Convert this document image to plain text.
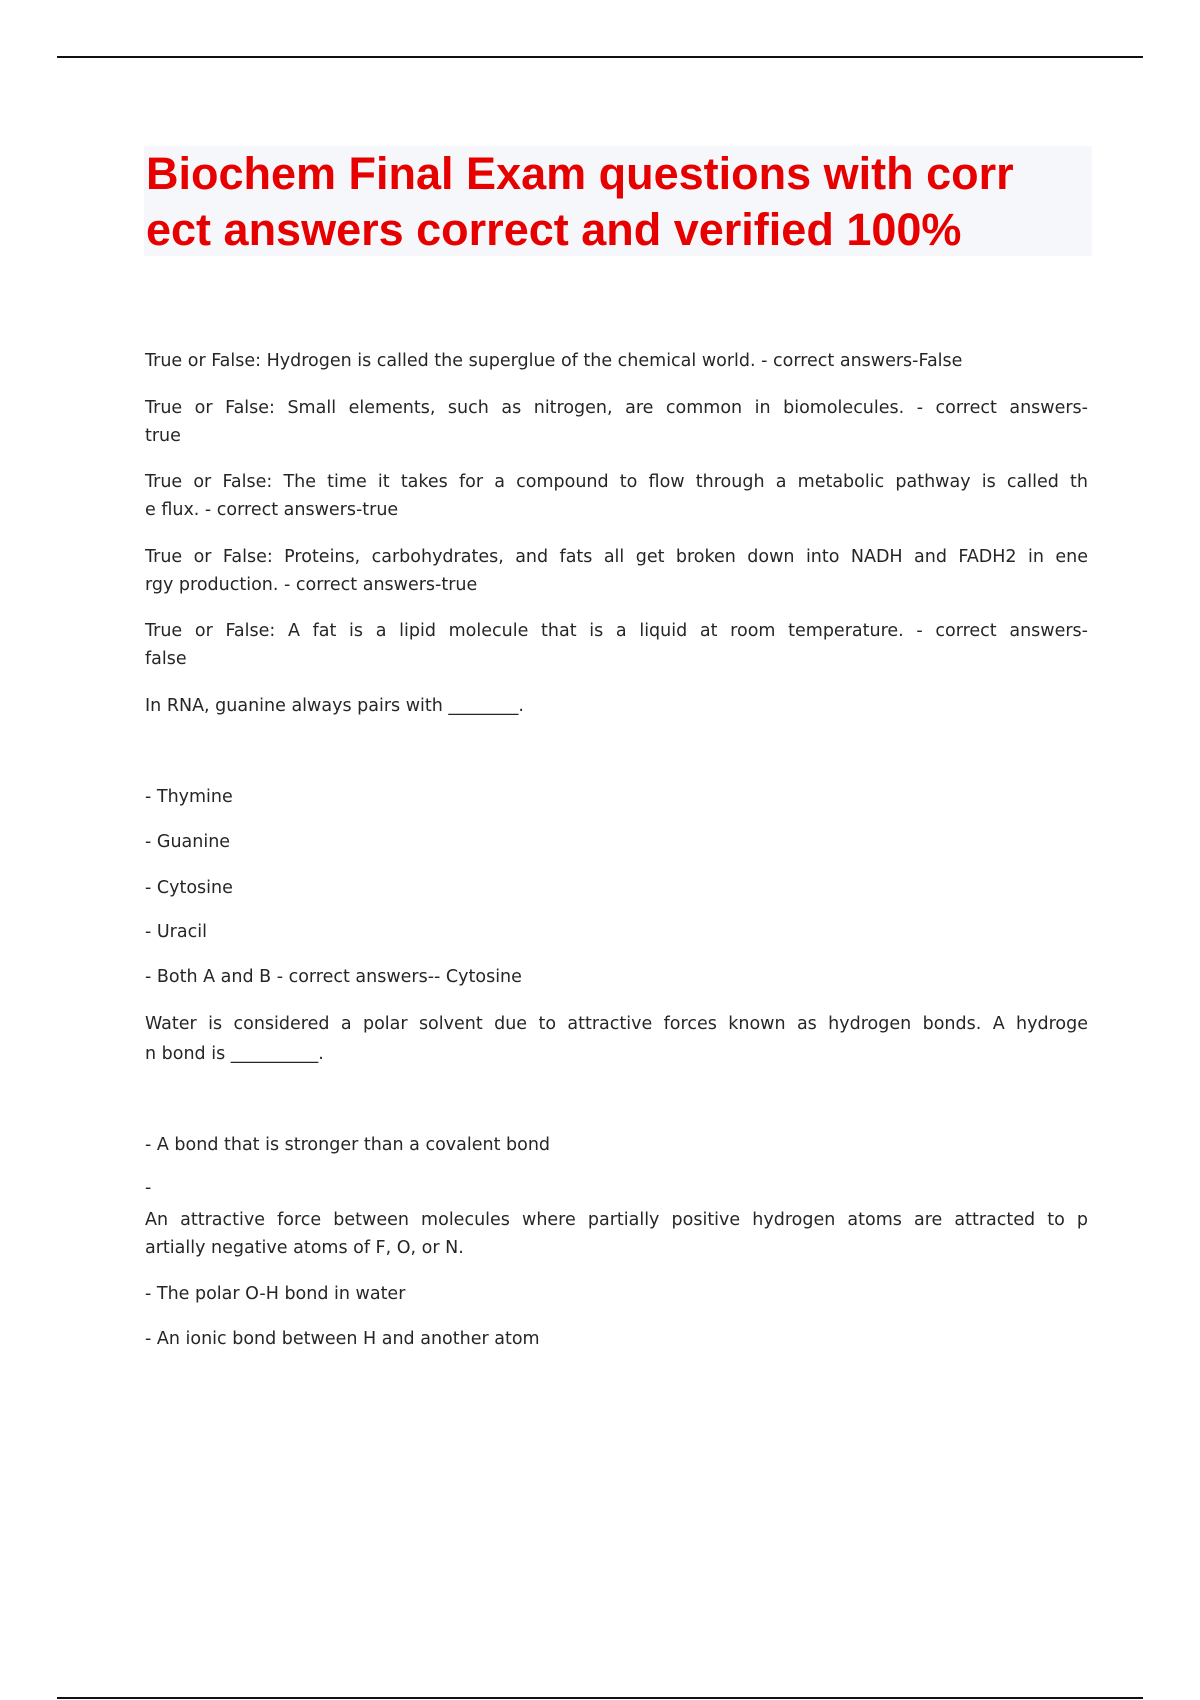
Biochem Final Exam questions with corr
ect answers correct and verified 100%
True or False: Hydrogen is called the superglue of the chemical world. - correct answers-False
True or False: Small elements, such as nitrogen, are common in biomolecules. - correct answers-
true
True or False: The time it takes for a compound to flow through a metabolic pathway is called th
e flux. - correct answers-true
True or False: Proteins, carbohydrates, and fats all get broken down into NADH and FADH2 in ene
rgy production. - correct answers-true
True or False: A fat is a lipid molecule that is a liquid at room temperature. - correct answers-
false
In RNA, guanine always pairs with ________.
- Thymine
- Guanine
- Cytosine
- Uracil
- Both A and B - correct answers-- Cytosine
Water is considered a polar solvent due to attractive forces known as hydrogen bonds. A hydroge
n bond is __________.
- A bond that is stronger than a covalent bond
-
An attractive force between molecules where partially positive hydrogen atoms are attracted to p
artially negative atoms of F, O, or N.
- The polar O-H bond in water
- An ionic bond between H and another atom
